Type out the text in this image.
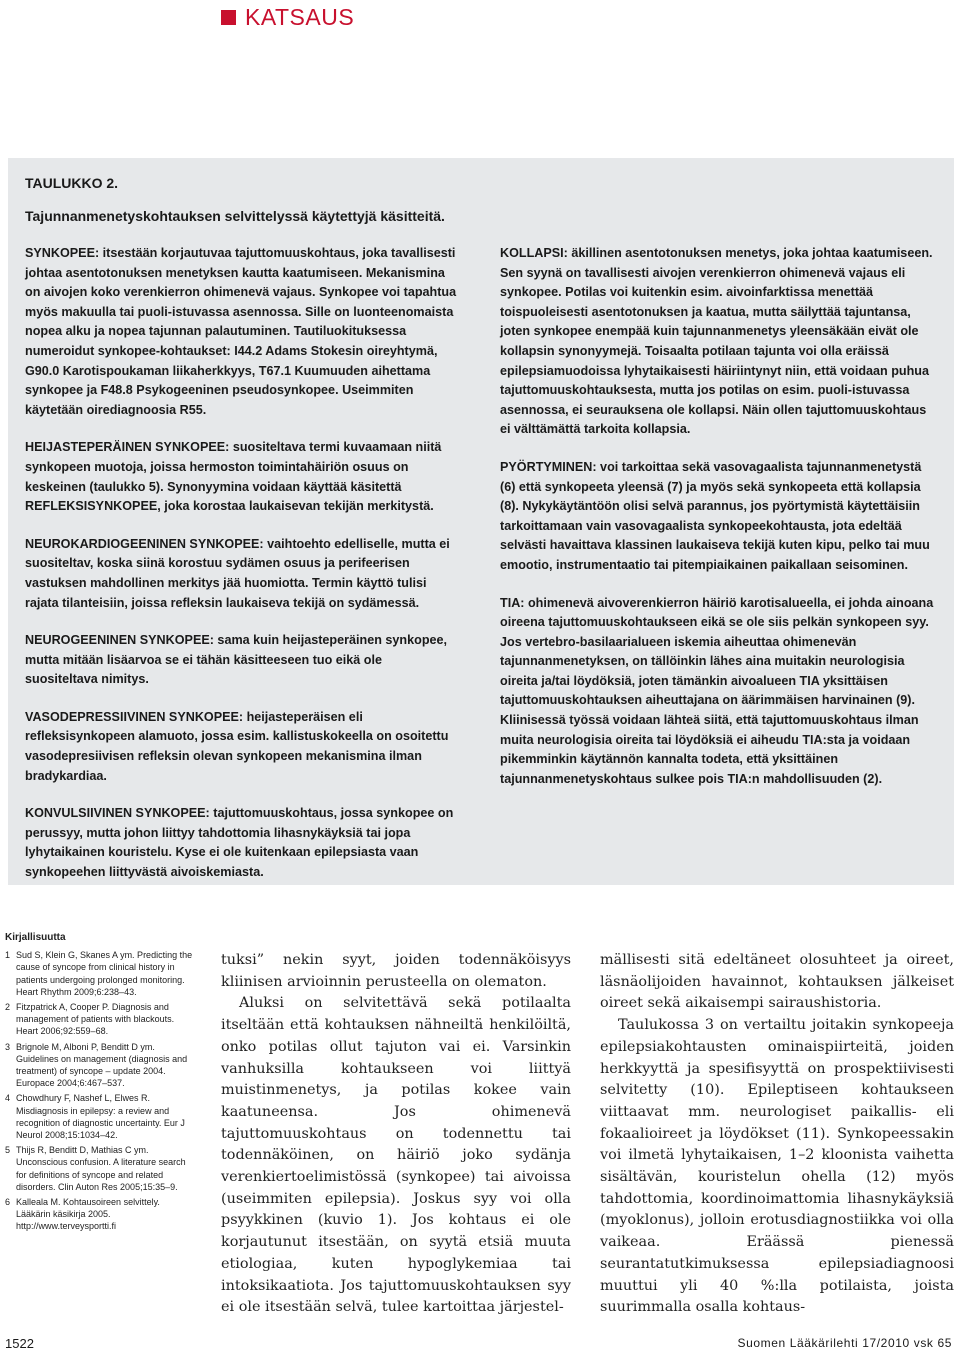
KATSAUS
TAULUKKO 2.
Tajunnanmenetyskohtauksen selvittelyssä käytettyjä käsitteitä.

SYNKOPEE: itsestään korjautuvaa tajuttomuuskohtaus, joka tavallisesti johtaa asentotonuksen menetyksen kautta kaatumiseen. Mekanismina on aivojen koko verenkierron ohimenevä vajaus. Synkopee voi tapahtua myös makuulla tai puoli-istuvassa asennossa. Sille on luonteenomaista nopea alku ja nopea tajunnan palautuminen. Tautiluokituksessa numeroidut synkopee-kohtaukset: I44.2 Adams Stokesin oireyhtymä, G90.0 Karotispoukaman liikaherkkyys, T67.1 Kuumuuden aihettama synkopee ja F48.8 Psykogeeninen pseudosynkopee. Useimmiten käytetään oirediagnoosia R55.

HEIJASTEPERÄINEN SYNKOPEE: suositeltava termi kuvaamaan niitä synkopeen muotoja, joissa hermoston toimintahäiriön osuus on keskeinen (taulukko 5). Synonyymina voidaan käyttää käsitettä REFLEKSISYNKOPEE, joka korostaa laukaisevan tekijän merkitystä.

NEUROKARDIOGEENINEN SYNKOPEE: vaihtoehto edelliselle, mutta ei suositeltav, koska siinä korostuu sydämen osuus ja perifeerisen vastuksen mahdollinen merkitys jää huomiotta. Termin käyttö tulisi rajata tilanteisiin, joissa refleksin laukaiseva tekijä on sydämessä.

NEUROGEENINEN SYNKOPEE: sama kuin heijasteperäinen synkopee, mutta mitään lisäarvoa se ei tähän käsitteeseen tuo eikä ole suositeltava nimitys.

VASODEPRESSIIVINEN SYNKOPEE: heijasteperäisen eli refleksisynkopeen alamuoto, jossa esim. kallistuskokeella on osoitettu vasodepresiivisen refleksin olevan synkopeen mekanismina ilman bradykardiaa.

KONVULSIIVINEN SYNKOPEE: tajuttomuuskohtaus, jossa synkopee on perussyy, mutta johon liittyy tahdottomia lihasnykäyksiä tai jopa lyhytaikainen kouristelu. Kyse ei ole kuitenkaan epilepsiasta vaan synkopeehen liittyvästä aivoiskemiasta.

KOLLAPSI: äkillinen asentotonuksen menetys, joka johtaa kaatumiseen. Sen syynä on tavallisesti aivojen verenkierron ohimenevä vajaus eli synkopee. Potilas voi kuitenkin esim. aivoinfarktissa menettää toispuoleisesti asentotonuksen ja kaatua, mutta säilyttää tajuntansa, joten synkopee enempää kuin tajunnanmenetys yleensäkään eivät ole kollapsin synonyymejä. Toisaalta potilaan tajunta voi olla eräissä epilepsiamuodoissa lyhytaikaisesti häiriintynyt niin, että voidaan puhua tajuttomuuskohtauksesta, mutta jos potilas on esim. puoli-istuvassa asennossa, ei seurauksena ole kollapsi. Näin ollen tajuttomuuskohtaus ei välttämättä tarkoita kollapsia.

PYÖRTYMINEN: voi tarkoittaa sekä vasovagaalista tajunnanmenetystä (6) että synkopeeta yleensä (7) ja myös sekä synkopeeta että kollapsia (8). Nykykäytäntöön olisi selvä parannus, jos pyörtymistä käytettäisiin tarkoittamaan vain vasovagaalista synkopeekohtausta, jota edeltää selvästi havaittava klassinen laukaiseva tekijä kuten kipu, pelko tai muu emootio, instrumentaatio tai pitempiaikainen paikallaan seisominen.

TIA: ohimenevä aivoverenkierron häiriö karotisalueella, ei johda ainoana oireena tajuttomuuskohtaukseen eikä se ole siis pelkän synkopeen syy. Jos vertebro-basilaarialueen iskemia aiheuttaa ohimenevän tajunnanmenetyksen, on tällöinkin lähes aina muitakin neurologisia oireita ja/tai löydöksiä, joten tämänkin aivoalueen TIA yksittäisen tajuttomuuskohtauksen aiheuttajana on äärimmäisen harvinainen (9). Kliinisessä työssä voidaan lähteä siitä, että tajuttomuuskohtaus ilman muita neurologisia oireita tai löydöksiä ei aiheudu TIA:sta ja voidaan pikemminkin käytännön kannalta todeta, että yksittäinen tajunnanmenetyskohtaus sulkee pois TIA:n mahdollisuuden (2).

Kirjallisuutta
1 Sud S, Klein G, Skanes A ym. Predicting the cause of syncope from clinical history in patients undergoing prolonged monitoring. Heart Rhythm 2009;6:238–43.
2 Fitzpatrick A, Cooper P. Diagnosis and management of patients with blackouts. Heart 2006;92:559–68.
3 Brignole M, Alboni P, Benditt D ym. Guidelines on management (diagnosis and treatment) of syncope – update 2004. Europace 2004;6:467–537.
4 Chowdhury F, Nashef L, Elwes R. Misdiagnosis in epilepsy: a review and recognition of diagnostic uncertainty. Eur J Neurol 2008;15:1034–42.
5 Thijs R, Benditt D, Mathias C ym. Unconscious confusion. A literature search for definitions of syncope and related disorders. Clin Auton Res 2005;15:35–9.
6 Kalleala M. Kohtausoireen selvittely. Lääkärin käsikirja 2005. http://www.terveysportti.fi

tuksi” nekin syyt, joiden todennäköisyys kliinisen arvioinnin perusteella on olematon.

Aluksi on selvitettävä sekä potilaalta itseltään että kohtauksen nähneiltä henkilöiltä, onko potilas ollut tajuton vai ei. Varsinkin vanhuksilla kohtaukseen voi liittyä muistinmenetys, ja potilas kokee vain kaatuneensa. Jos ohimenevä tajuttomuuskohtaus on todennettu tai todennäköinen, on häiriö joko sydänja verenkiertoelimistössä (synkopee) tai aivoissa (useimmiten epilepsia). Joskus syy voi olla psyykkinen (kuvio 1). Jos kohtaus ei ole korjautunut itsestään, on syytä etsiä muuta etiologiaa, kuten hypoglykemiaa tai intoksikaatiota. Jos tajuttomuuskohtauksen syy ei ole itsestään selvä, tulee kartoittaa järjestel-

mällisesti sitä edeltäneet olosuhteet ja oireet, läsnäolijoiden havainnot, kohtauksen jälkeiset oireet sekä aikaisempi sairaushistoria.

Taulukossa 3 on vertailtu joitakin synkopeeja epilepsiakohtausten ominaispiirteitä, joiden herkkyyttä ja spesifisyyttä on prospektiivisesti selvitetty (10). Epileptiseen kohtaukseen viittaavat mm. neurologiset paikallis- eli fokaalioireet ja löydökset (11). Synkopeessakin voi ilmetä lyhytaikaisen, 1–2 kloonista vaihetta sisältävän, kouristelun ohella (12) myös tahdottomia, koordinoimattomia lihasnykäyksiä (myoklonus), jolloin erotusdiagnostiikka voi olla vaikeaa. Eräässä pienessä seurantatutkimuksessa epilepsiadiagnoosi muuttui yli 40 %:lla potilaista, joista suurimmalla osalla kohtaus-

1522	Suomen Lääkärilehti 17/2010 vsk 65
